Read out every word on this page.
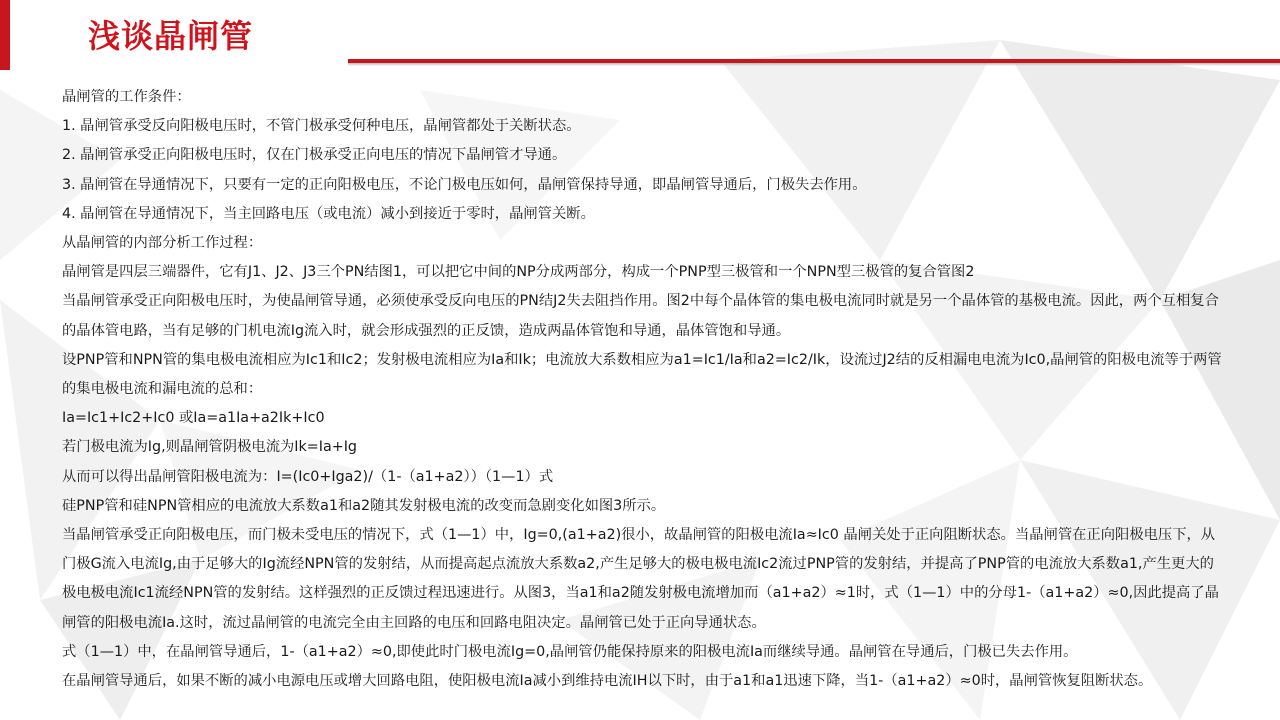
浅谈晶闸管

晶闸管的工作条件：

1. 晶闸管承受反向阳极电压时，不管门极承受何种电压，晶闸管都处于关断状态。

2. 晶闸管承受正向阳极电压时，仅在门极承受正向电压的情况下晶闸管才导通。

3. 晶闸管在导通情况下，只要有一定的正向阳极电压，不论门极电压如何，晶闸管保持导通，即晶闸管导通后，门极失去作用。

4. 晶闸管在导通情况下，当主回路电压（或电流）减小到接近于零时，晶闸管关断。

从晶闸管的内部分析工作过程：

晶闸管是四层三端器件，它有J1、J2、J3三个PN结图1，可以把它中间的NP分成两部分，构成一个PNP型三极管和一个NPN型三极管的复合管图2

当晶闸管承受正向阳极电压时，为使晶闸管导通，必须使承受反向电压的PN结J2失去阻挡作用。图2中每个晶体管的集电极电流同时就是另一个晶体管的基极电流。因此，两个互相复合的晶体管电路，当有足够的门机电流Ig流入时，就会形成强烈的正反馈，造成两晶体管饱和导通，晶体管饱和导通。

设PNP管和NPN管的集电极电流相应为Ic1和Ic2；发射极电流相应为Ia和Ik；电流放大系数相应为a1=Ic1/Ia和a2=Ic2/Ik，设流过J2结的反相漏电电流为Ic0,晶闸管的阳极电流等于两管的集电极电流和漏电流的总和：

Ia=Ic1+Ic2+Ic0 或Ia=a1Ia+a2Ik+Ic0

若门极电流为Ig,则晶闸管阴极电流为Ik=Ia+Ig

从而可以得出晶闸管阳极电流为：I=(Ic0+Iga2)/（1-（a1+a2））（1—1）式

硅PNP管和硅NPN管相应的电流放大系数a1和a2随其发射极电流的改变而急剧变化如图3所示。

当晶闸管承受正向阳极电压，而门极未受电压的情况下，式（1—1）中，Ig=0,(a1+a2)很小，故晶闸管的阳极电流Ia≈Ic0 晶闸关处于正向阻断状态。当晶闸管在正向阳极电压下，从门极G流入电流Ig,由于足够大的Ig流经NPN管的发射结，从而提高起点流放大系数a2,产生足够大的极电极电流Ic2流过PNP管的发射结，并提高了PNP管的电流放大系数a1,产生更大的极电极电流Ic1流经NPN管的发射结。这样强烈的正反馈过程迅速进行。从图3，当a1和a2随发射极电流增加而（a1+a2）≈1时，式（1—1）中的分母1-（a1+a2）≈0,因此提高了晶闸管的阳极电流Ia.这时，流过晶闸管的电流完全由主回路的电压和回路电阻决定。晶闸管已处于正向导通状态。

式（1—1）中，在晶闸管导通后，1-（a1+a2）≈0,即使此时门极电流Ig=0,晶闸管仍能保持原来的阳极电流Ia而继续导通。晶闸管在导通后，门极已失去作用。

在晶闸管导通后，如果不断的减小电源电压或增大回路电阻，使阳极电流Ia减小到维持电流IH以下时，由于a1和a1迅速下降，当1-（a1+a2）≈0时，晶闸管恢复阻断状态。
